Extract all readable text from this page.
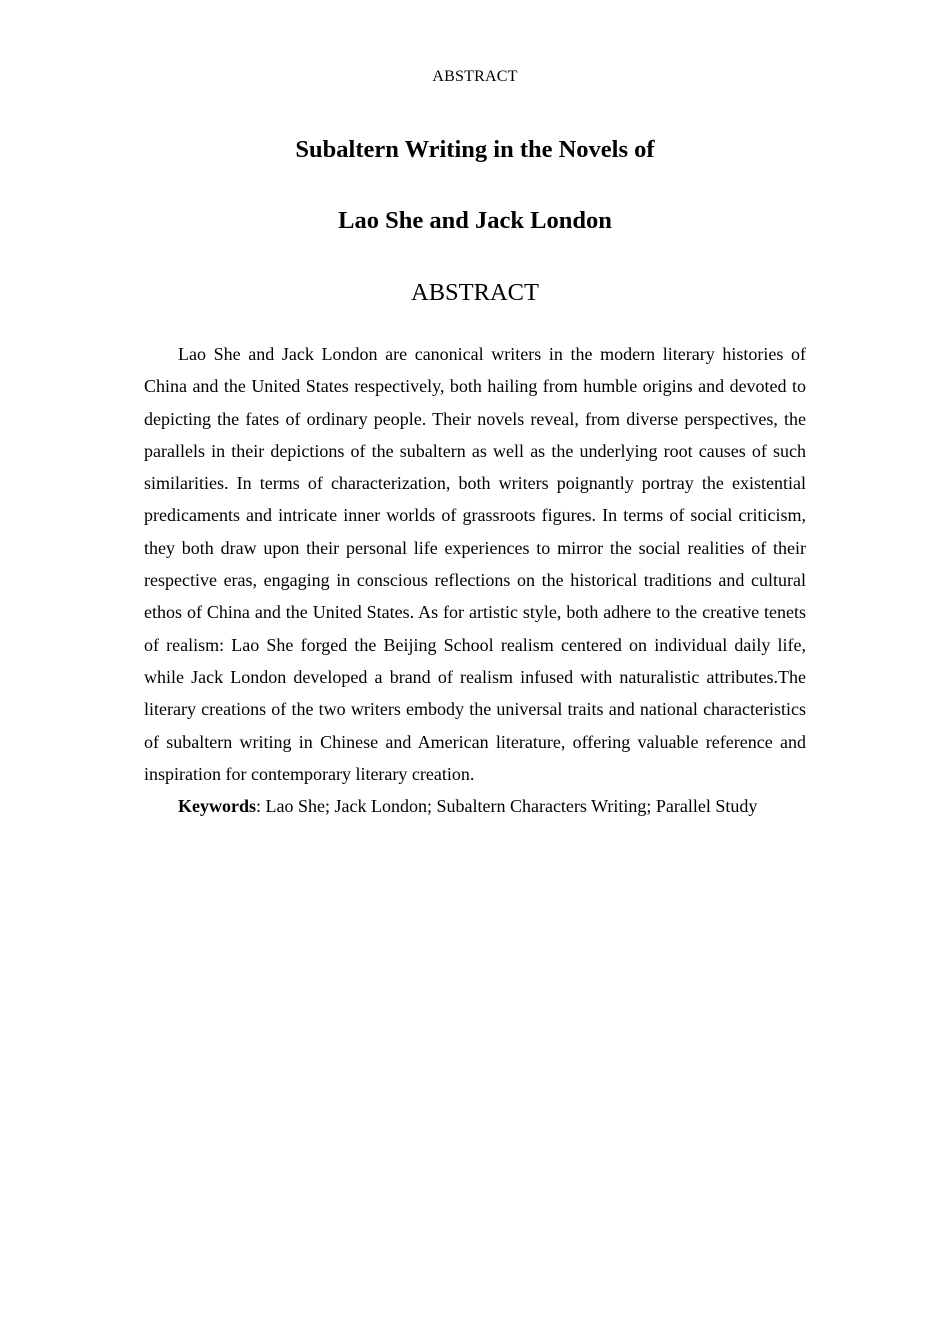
ABSTRACT
Subaltern Writing in the Novels of
Lao She and Jack London
ABSTRACT

Lao She and Jack London are canonical writers in the modern literary histories of China and the United States respectively, both hailing from humble origins and devoted to depicting the fates of ordinary people. Their novels reveal, from diverse perspectives, the parallels in their depictions of the subaltern as well as the underlying root causes of such similarities. In terms of characterization, both writers poignantly portray the existential predicaments and intricate inner worlds of grassroots figures. In terms of social criticism, they both draw upon their personal life experiences to mirror the social realities of their respective eras, engaging in conscious reflections on the historical traditions and cultural ethos of China and the United States. As for artistic style, both adhere to the creative tenets of realism: Lao She forged the Beijing School realism centered on individual daily life, while Jack London developed a brand of realism infused with naturalistic attributes.The literary creations of the two writers embody the universal traits and national characteristics of subaltern writing in Chinese and American literature, offering valuable reference and inspiration for contemporary literary creation.

Keywords: Lao She; Jack London; Subaltern Characters Writing; Parallel Study
